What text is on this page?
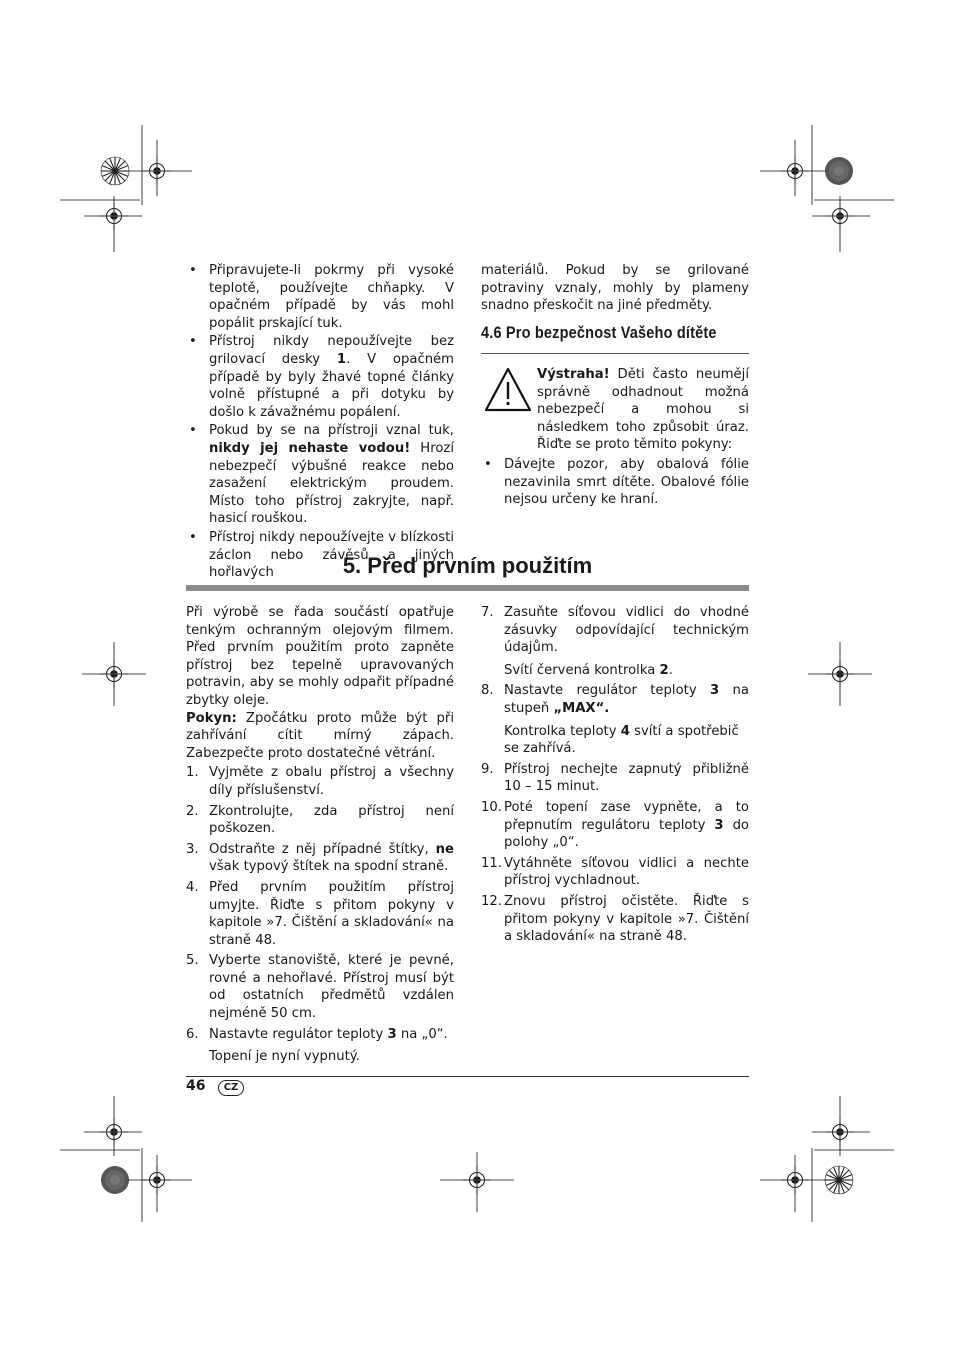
• Připravujete-li pokrmy při vysoké teplotě, používejte chňapky. V opačném případě by vás mohl popálit prskající tuk.
• Přístroj nikdy nepoužívejte bez grilovací desky 1. V opačném případě by byly žhavé topné články volně přístupné a při dotyku by došlo k závažnému popálení.
• Pokud by se na přístroji vznal tuk, nikdy jej nehaste vodou! Hrozí nebezpečí výbušné reakce nebo zasažení elektrickým proudem. Místo toho přístroj zakryjte, např. hasicí rouškou.
• Přístroj nikdy nepoužívejte v blízkosti záclon nebo závěsů a jiných hořlavých

materiálů. Pokud by se grilované potraviny vznaly, mohly by plameny snadno přeskočit na jiné předměty.

4.6 Pro bezpečnost Vašeho dítěte

Výstraha! Děti často neumějí správně odhadnout možná nebezpečí a mohou si následkem toho způsobit úraz. Řiďte se proto těmito pokyny:

• Dávejte pozor, aby obalová fólie nezavinila smrt dítěte. Obalové fólie nejsou určeny ke hraní.
5. Před prvním použitím

Při výrobě se řada součástí opatřuje tenkým ochranným olejovým filmem. Před prvním použitím proto zapněte přístroj bez tepelně upravovaných potravin, aby se mohly odpařit případné zbytky oleje.

Pokyn: Zpočátku proto může být při zahřívání cítit mírný zápach. Zabezpečte proto dostatečné větrání.

1. Vyjměte z obalu přístroj a všechny díly příslušenství.
2. Zkontrolujte, zda přístroj není poškozen.
3. Odstraňte z něj případné štítky, ne však typový štítek na spodní straně.
4. Před prvním použitím přístroj umyjte. Řiďte s přitom pokyny v kapitole »7. Čištění a skladování« na straně 48.
5. Vyberte stanoviště, které je pevné, rovné a nehořlavé. Přístroj musí být od ostatních předmětů vzdálen nejméně 50 cm.
6. Nastavte regulátor teploty 3 na „0“.
Topení je nyní vypnutý.
7. Zasuňte síťovou vidlici do vhodné zásuvky odpovídající technickým údajům.
Svítí červená kontrolka 2.
8. Nastavte regulátor teploty 3 na stupeň „MAX“.
Kontrolka teploty 4 svítí a spotřebič se zahřívá.
9. Přístroj nechejte zapnutý přibližně 10 – 15 minut.
10. Poté topení zase vypněte, a to přepnutím regulátoru teploty 3 do polohy „0“.
11. Vytáhněte síťovou vidlici a nechte přístroj vychladnout.
12. Znovu přístroj očistěte. Řiďte s přitom pokyny v kapitole »7. Čištění a skladování« na straně 48.
46	CZ
